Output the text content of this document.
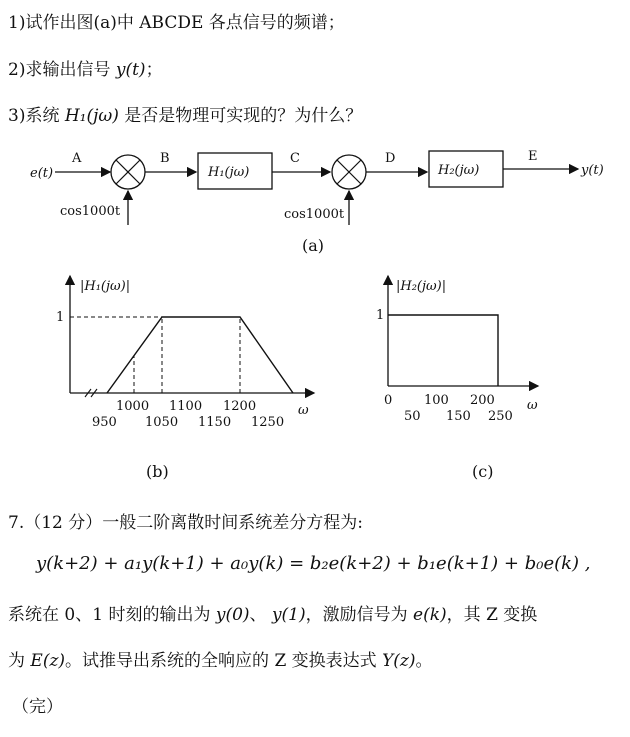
1)试作出图(a)中 ABCDE 各点信号的频谱；
2)求输出信号 y(t)；
3)系统 H₁(jω) 是否是物理可实现的？为什么？
e(t)
A
cos1000t
B
H₁(jω)
C
cos1000t
D
H₂(jω)
E
y(t)
(a)
|H₁(jω)|
1
1000 1100 1200
950 1050 1150 1250
ω
(b)
|H₂(jω)|
1
0 100 200
50 150 250
ω
(c)
7.（12 分）一般二阶离散时间系统差分方程为:
y(k+2) + a₁y(k+1) + a₀y(k) = b₂e(k+2) + b₁e(k+1) + b₀e(k) ,
系统在 0、1 时刻的输出为 y(0)、 y(1)，激励信号为 e(k)，其 Z 变换
为 E(z)。试推导出系统的全响应的 Z 变换表达式 Y(z)。
（完）
